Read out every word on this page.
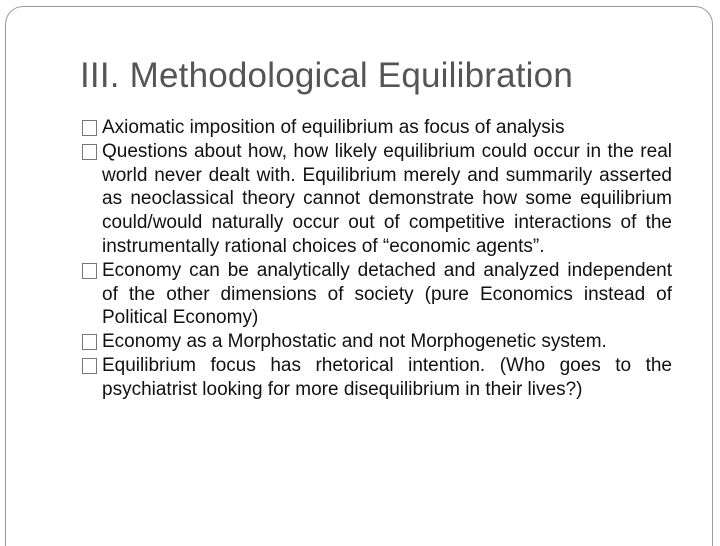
III. Methodological Equilibration
Axiomatic imposition of equilibrium as focus of analysis
Questions about how, how likely equilibrium could occur in the real world never dealt with. Equilibrium merely and summarily asserted as neoclassical theory cannot demonstrate how some equilibrium could/would naturally occur out of competitive interactions of the instrumentally rational choices of “economic agents”.
Economy can be analytically detached and analyzed independent of the other dimensions of society (pure Economics instead of Political Economy)
Economy as a Morphostatic and not Morphogenetic system.
Equilibrium focus has rhetorical intention. (Who goes to the psychiatrist looking for more disequilibrium in their lives?)
